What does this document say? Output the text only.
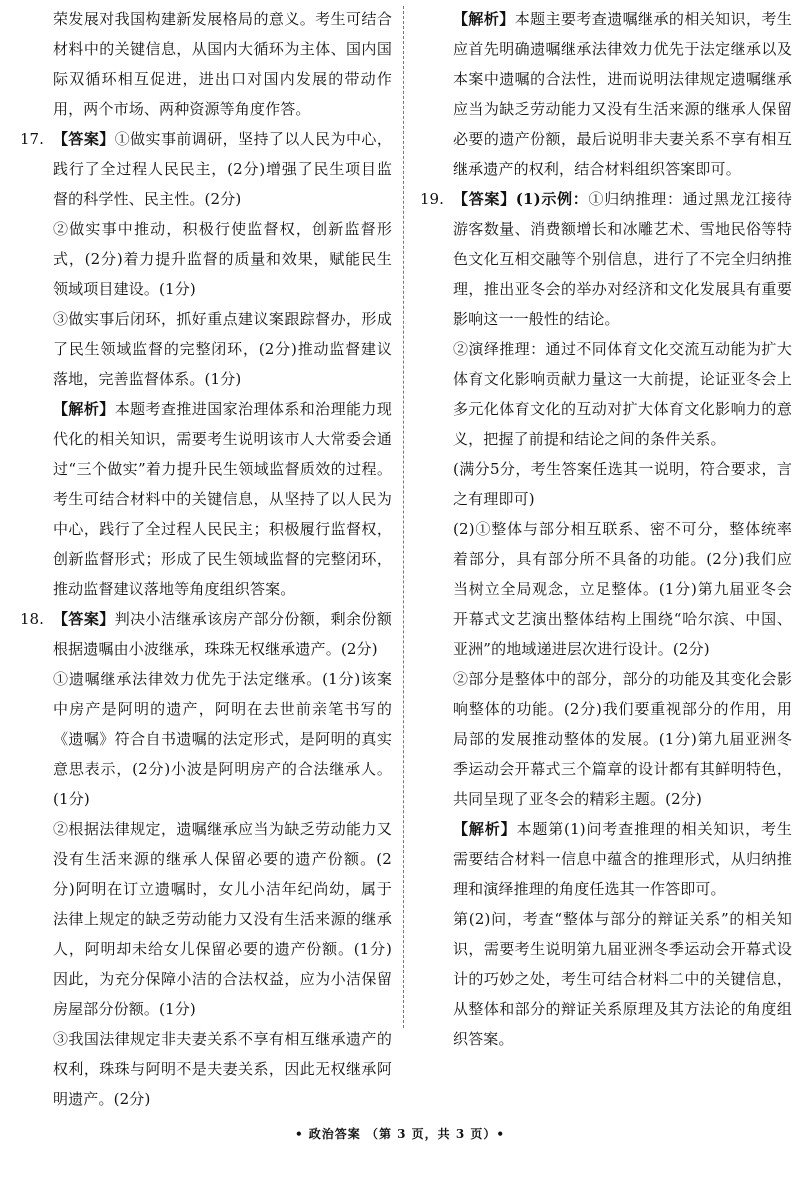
荣发展对我国构建新发展格局的意义。考生可结合材料中的关键信息，从国内大循环为主体、国内国际双循环相互促进，进出口对国内发展的带动作用，两个市场、两种资源等角度作答。

17. 【答案】①做实事前调研，坚持了以人民为中心，践行了全过程人民民主，(2分)增强了民生项目监督的科学性、民主性。(2分)

②做实事中推动，积极行使监督权，创新监督形式，(2分)着力提升监督的质量和效果，赋能民生领域项目建设。(1分)

③做实事后闭环，抓好重点建议案跟踪督办，形成了民生领域监督的完整闭环，(2分)推动监督建议落地，完善监督体系。(1分)

【解析】本题考查推进国家治理体系和治理能力现代化的相关知识，需要考生说明该市人大常委会通过“三个做实”着力提升民生领域监督质效的过程。考生可结合材料中的关键信息，从坚持了以人民为中心，践行了全过程人民民主；积极履行监督权，创新监督形式；形成了民生领域监督的完整闭环，推动监督建议落地等角度组织答案。

18. 【答案】判决小洁继承该房产部分份额，剩余份额根据遗嘱由小波继承，珠珠无权继承遗产。(2分)

①遗嘱继承法律效力优先于法定继承。(1分)该案中房产是阿明的遗产，阿明在去世前亲笔书写的《遗嘱》符合自书遗嘱的法定形式，是阿明的真实意思表示，(2分)小波是阿明房产的合法继承人。(1分)

②根据法律规定，遗嘱继承应当为缺乏劳动能力又没有生活来源的继承人保留必要的遗产份额。(2分)阿明在订立遗嘱时，女儿小洁年纪尚幼，属于法律上规定的缺乏劳动能力又没有生活来源的继承人，阿明却未给女儿保留必要的遗产份额。(1分)因此，为充分保障小洁的合法权益，应为小洁保留房屋部分份额。(1分)

③我国法律规定非夫妻关系不享有相互继承遗产的权利，珠珠与阿明不是夫妻关系，因此无权继承阿明遗产。(2分)

【解析】本题主要考查遗嘱继承的相关知识，考生应首先明确遗嘱继承法律效力优先于法定继承以及本案中遗嘱的合法性，进而说明法律规定遗嘱继承应当为缺乏劳动能力又没有生活来源的继承人保留必要的遗产份额，最后说明非夫妻关系不享有相互继承遗产的权利，结合材料组织答案即可。

19. 【答案】(1)示例：①归纳推理：通过黑龙江接待游客数量、消费额增长和冰雕艺术、雪地民俗等特色文化互相交融等个别信息，进行了不完全归纳推理，推出亚冬会的举办对经济和文化发展具有重要影响这一一般性的结论。

②演绎推理：通过不同体育文化交流互动能为扩大体育文化影响贡献力量这一大前提，论证亚冬会上多元化体育文化的互动对扩大体育文化影响力的意义，把握了前提和结论之间的条件关系。

(满分5分，考生答案任选其一说明，符合要求，言之有理即可)

(2)①整体与部分相互联系、密不可分，整体统率着部分，具有部分所不具备的功能。(2分)我们应当树立全局观念，立足整体。(1分)第九届亚冬会开幕式文艺演出整体结构上围绕“哈尔滨、中国、亚洲”的地域递进层次进行设计。(2分)

②部分是整体中的部分，部分的功能及其变化会影响整体的功能。(2分)我们要重视部分的作用，用局部的发展推动整体的发展。(1分)第九届亚洲冬季运动会开幕式三个篇章的设计都有其鲜明特色，共同呈现了亚冬会的精彩主题。(2分)

【解析】本题第(1)问考查推理的相关知识，考生需要结合材料一信息中蕴含的推理形式，从归纳推理和演绎推理的角度任选其一作答即可。

第(2)问，考查“整体与部分的辩证关系”的相关知识，需要考生说明第九届亚洲冬季运动会开幕式设计的巧妙之处，考生可结合材料二中的关键信息，从整体和部分的辩证关系原理及其方法论的角度组织答案。

• 政治答案 （第 3 页，共 3 页）•
